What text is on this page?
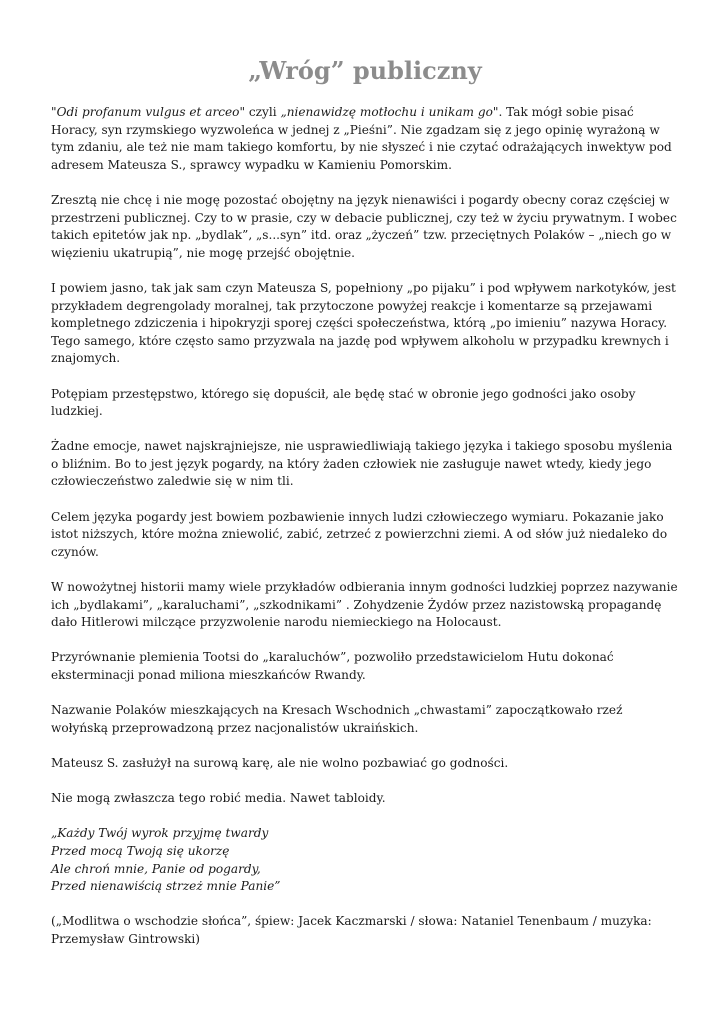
„Wróg” publiczny

"Odi profanum vulgus et arceo" czyli „nienawidzę motłochu i unikam go". Tak mógł sobie pisać Horacy, syn rzymskiego wyzwoleńca w jednej z „Pieśni”. Nie zgadzam się z jego opinię wyrażoną w tym zdaniu, ale też nie mam takiego komfortu, by nie słyszeć i nie czytać odrażających inwektyw pod adresem Mateusza S., sprawcy wypadku w Kamieniu Pomorskim.

Zresztą nie chcę i nie mogę pozostać obojętny na język nienawiści i pogardy obecny coraz częściej w przestrzeni publicznej. Czy to w prasie, czy w debacie publicznej, czy też w życiu prywatnym. I wobec takich epitetów jak np. „bydlak”, „s...syn” itd. oraz „życzeń” tzw. przeciętnych Polaków – „niech go w więzieniu ukatrupią”, nie mogę przejść obojętnie.

I powiem jasno, tak jak sam czyn Mateusza S, popełniony „po pijaku” i pod wpływem narkotyków, jest przykładem degrengolady moralnej, tak przytoczone powyżej reakcje i komentarze są przejawami kompletnego zdziczenia i hipokryzji sporej części społeczeństwa, którą „po imieniu” nazywa Horacy. Tego samego, które często samo przyzwala na jazdę pod wpływem alkoholu w przypadku krewnych i znajomych.

Potępiam przestępstwo, którego się dopuścił, ale będę stać w obronie jego godności jako osoby ludzkiej.

Żadne emocje, nawet najskrajniejsze, nie usprawiedliwiają takiego języka i takiego sposobu myślenia o bliźnim. Bo to jest język pogardy, na który żaden człowiek nie zasługuje nawet wtedy, kiedy jego człowieczeństwo zaledwie się w nim tli.

Celem języka pogardy jest bowiem pozbawienie innych ludzi człowieczego wymiaru. Pokazanie jako istot niższych, które można zniewolić, zabić, zetrzeć z powierzchni ziemi. A od słów już niedaleko do czynów.

W nowożytnej historii mamy wiele przykładów odbierania innym godności ludzkiej poprzez nazywanie ich „bydlakami”, „karaluchami”, „szkodnikami” . Zohydzenie Żydów przez nazistowską propagandę dało Hitlerowi milczące przyzwolenie narodu niemieckiego na Holocaust.

Przyrównanie plemienia Tootsi do „karaluchów”, pozwoliło przedstawicielom Hutu dokonać eksterminacji ponad miliona mieszkańców Rwandy.

Nazwanie Polaków mieszkających na Kresach Wschodnich „chwastami” zapoczątkowało rzeź wołyńską przeprowadzoną przez nacjonalistów ukraińskich.

Mateusz S. zasłużył na surową karę, ale nie wolno pozbawiać go godności.

Nie mogą zwłaszcza tego robić media. Nawet tabloidy.

„Każdy Twój wyrok przyjmę twardy
Przed mocą Twoją się ukorzę
Ale chroń mnie, Panie od pogardy,
Przed nienawiścią strzeż mnie Panie”

(„Modlitwa o wschodzie słońca”, śpiew: Jacek Kaczmarski / słowa: Nataniel Tenenbaum / muzyka: Przemysław Gintrowski)
